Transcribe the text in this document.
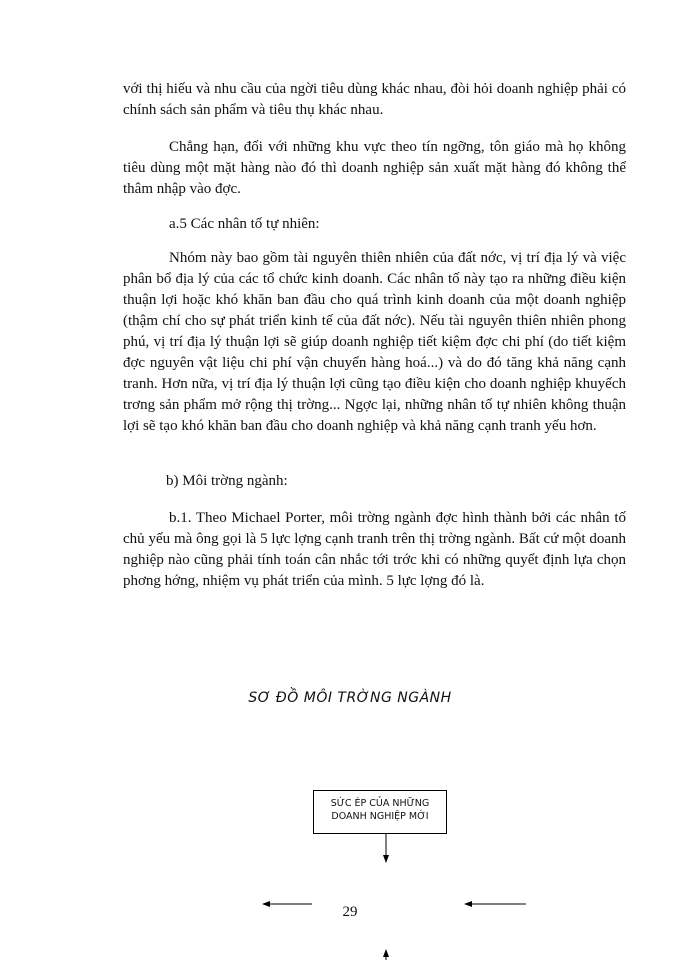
với thị hiếu và nhu cầu của ngời tiêu dùng khác nhau, đòi hỏi doanh nghiệp phải có chính sách sản phẩm và tiêu thụ khác nhau.

Chẳng hạn, đối với những khu vực theo tín ngỡng, tôn giáo mà họ không tiêu dùng một mặt hàng nào đó thì doanh nghiệp sản xuất mặt hàng đó không thể thâm nhập vào đợc.

a.5 Các nhân tố tự nhiên:

Nhóm này bao gồm tài nguyên thiên nhiên của đất nớc, vị trí địa lý và việc phân bổ địa lý của các tổ chức kinh doanh. Các nhân tố này tạo ra những điều kiện thuận lợi hoặc khó khăn ban đầu cho quá trình kinh doanh của một doanh nghiệp (thậm chí cho sự phát triển kinh tế của đất nớc). Nếu tài nguyên thiên nhiên phong phú, vị trí địa lý thuận lợi sẽ giúp doanh nghiệp tiết kiệm đợc chi phí (do tiết kiệm đợc nguyên vật liệu chi phí vận chuyển hàng hoá...) và do đó tăng khả năng cạnh tranh. Hơn nữa, vị trí địa lý thuận lợi cũng tạo điều kiện cho doanh nghiệp khuyếch trơng sản phẩm mở rộng thị trờng... Ngợc lại, những nhân tố tự nhiên không thuận lợi sẽ tạo khó khăn ban đầu cho doanh nghiệp và khả năng cạnh tranh yếu hơn.

b) Môi trờng ngành:

b.1. Theo Michael Porter, môi trờng ngành đợc hình thành bởi các nhân tố chủ yếu mà ông gọi là 5 lực lợng cạnh tranh trên thị trờng ngành. Bất cứ một doanh nghiệp nào cũng phải tính toán cân nhắc tới trớc khi có những quyết định lựa chọn phơng hớng, nhiệm vụ phát triển của mình. 5 lực lợng đó là.

SƠ ĐỒ MÔI TRỜNG NGÀNH

SỨC ÉP CỦA NHỮNG
DOANH NGHIỆP MỚI

29
